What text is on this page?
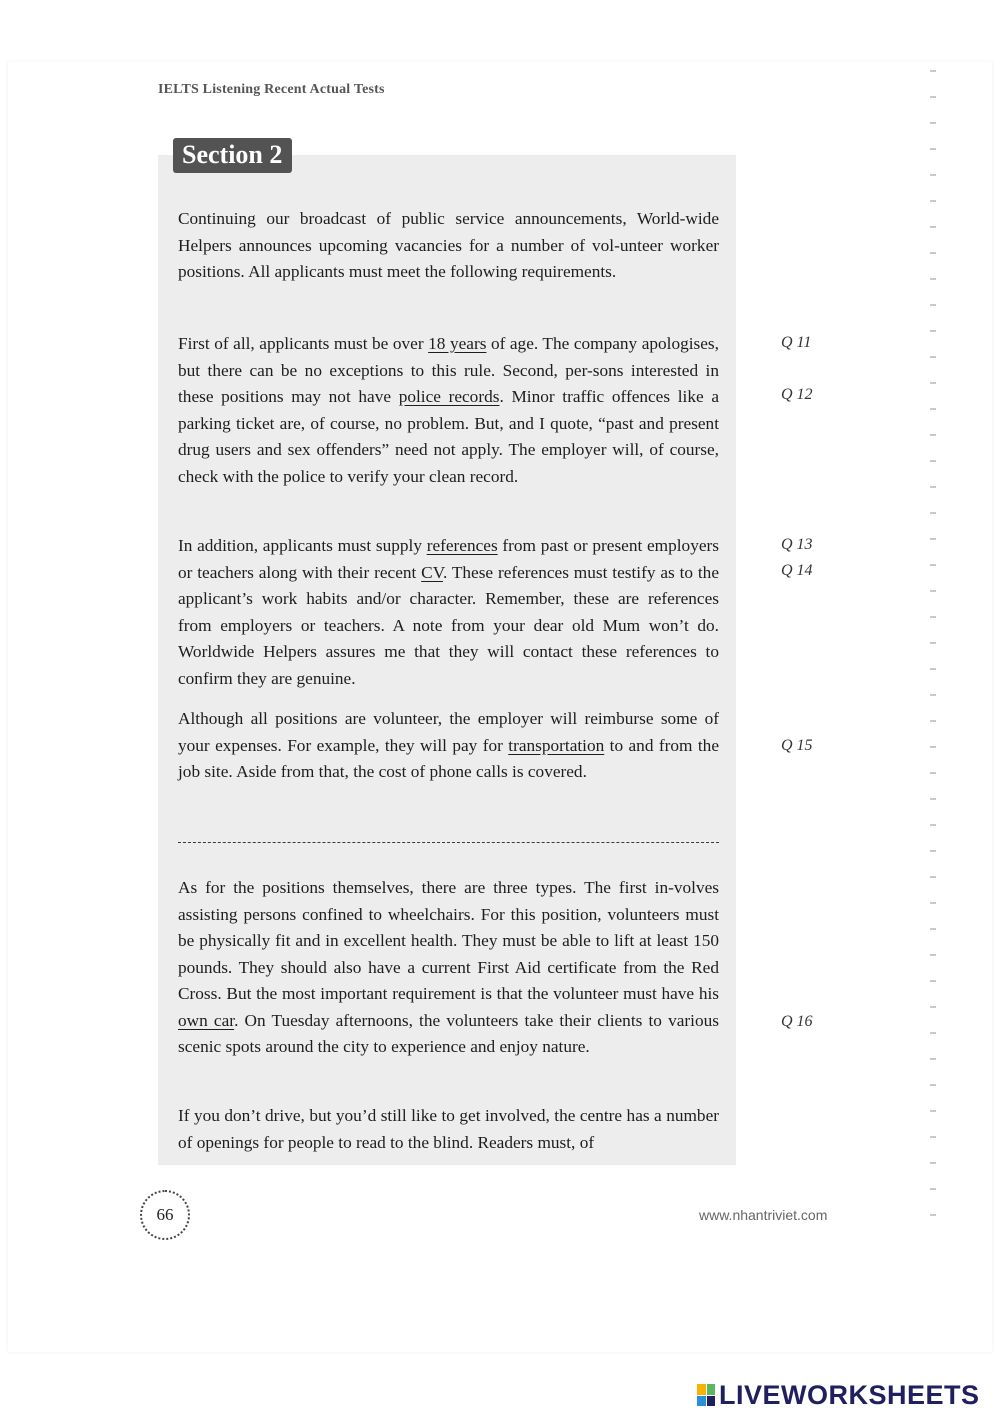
IELTS Listening Recent Actual Tests
Section 2

Continuing our broadcast of public service announcements, World-wide Helpers announces upcoming vacancies for a number of vol-unteer worker positions. All applicants must meet the following requirements.

First of all, applicants must be over 18 years of age. The company apologises, but there can be no exceptions to this rule. Second, per-sons interested in these positions may not have police records. Minor traffic offences like a parking ticket are, of course, no problem. But, and I quote, “past and present drug users and sex offenders” need not apply. The employer will, of course, check with the police to verify your clean record.

In addition, applicants must supply references from past or present employers or teachers along with their recent CV. These references must testify as to the applicant’s work habits and/or character. Remember, these are references from employers or teachers. A note from your dear old Mum won’t do. Worldwide Helpers assures me that they will contact these references to confirm they are genuine.

Although all positions are volunteer, the employer will reimburse some of your expenses. For example, they will pay for transportation to and from the job site. Aside from that, the cost of phone calls is covered.

As for the positions themselves, there are three types. The first in-volves assisting persons confined to wheelchairs. For this position, volunteers must be physically fit and in excellent health. They must be able to lift at least 150 pounds. They should also have a current First Aid certificate from the Red Cross. But the most important requirement is that the volunteer must have his own car. On Tuesday afternoons, the volunteers take their clients to various scenic spots around the city to experience and enjoy nature.

If you don’t drive, but you’d still like to get involved, the centre has a number of openings for people to read to the blind. Readers must, of

Q 11
Q 12
Q 13
Q 14
Q 15
Q 16
66	www.nhantriviet.com
LIVEWORKSHEETS
